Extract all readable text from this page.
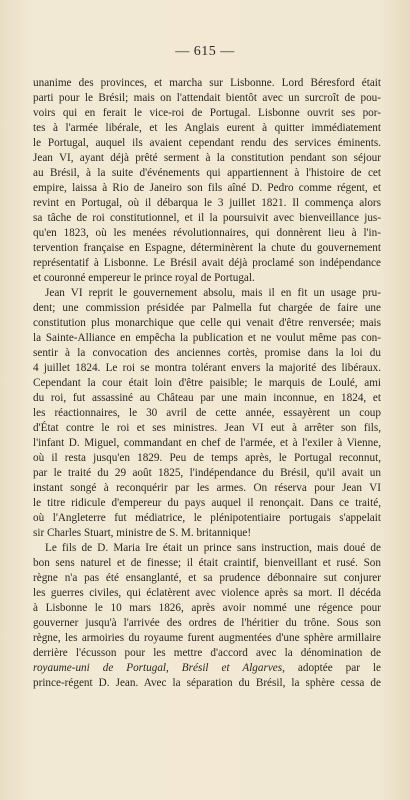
— 615 —
unanime des provinces, et marcha sur Lisbonne. Lord Béresford était
parti pour le Brésil; mais on l'attendait bientôt avec un surcroît de pou-
voirs qui en ferait le vice-roi de Portugal. Lisbonne ouvrit ses por-
tes à l'armée libérale, et les Anglais eurent à quitter immédiatement
le Portugal, auquel ils avaient cependant rendu des services éminents.
Jean VI, ayant déjà prêté serment à la constitution pendant son séjour
au Brésil, à la suite d'événements qui appartiennent à l'histoire de cet
empire, laissa à Rio de Janeiro son fils aîné D. Pedro comme régent, et
revint en Portugal, où il débarqua le 3 juillet 1821. Il commença alors
sa tâche de roi constitutionnel, et il la poursuivit avec bienveillance jus-
qu'en 1823, où les menées révolutionnaires, qui donnèrent lieu à l'in-
tervention française en Espagne, déterminèrent la chute du gouvernement
représentatif à Lisbonne. Le Brésil avait déjà proclamé son indépendance
et couronné empereur le prince royal de Portugal.
Jean VI reprit le gouvernement absolu, mais il en fit un usage pru-
dent; une commission présidée par Palmella fut chargée de faire une
constitution plus monarchique que celle qui venait d'être renversée; mais
la Sainte-Alliance en empêcha la publication et ne voulut même pas con-
sentir à la convocation des anciennes cortès, promise dans la loi du
4 juillet 1824. Le roi se montra tolérant envers la majorité des libéraux.
Cependant la cour était loin d'être paisible; le marquis de Loulé, ami
du roi, fut assassiné au Château par une main inconnue, en 1824, et
les réactionnaires, le 30 avril de cette année, essayèrent un coup
d'État contre le roi et ses ministres. Jean VI eut à arrêter son fils,
l'infant D. Miguel, commandant en chef de l'armée, et à l'exiler à Vienne,
où il resta jusqu'en 1829. Peu de temps après, le Portugal reconnut,
par le traité du 29 août 1825, l'indépendance du Brésil, qu'il avait un
instant songé à reconquérir par les armes. On réserva pour Jean VI
le titre ridicule d'empereur du pays auquel il renonçait. Dans ce traité,
où l'Angleterre fut médiatrice, le plénipotentiaire portugais s'appelait
sir Charles Stuart, ministre de S. M. britannique!
Le fils de D. Maria Ire était un prince sans instruction, mais doué de
bon sens naturel et de finesse; il était craintif, bienveillant et rusé. Son
règne n'a pas été ensanglanté, et sa prudence débonnaire sut conjurer
les guerres civiles, qui éclatèrent avec violence après sa mort. Il décéda
à Lisbonne le 10 mars 1826, après avoir nommé une régence pour
gouverner jusqu'à l'arrivée des ordres de l'héritier du trône. Sous son
règne, les armoiries du royaume furent augmentées d'une sphère armillaire
derrière l'écusson pour les mettre d'accord avec la dénomination de
royaume-uni de Portugal, Brésil et Algarves, adoptée par le
prince-régent D. Jean. Avec la séparation du Brésil, la sphère cessa de
